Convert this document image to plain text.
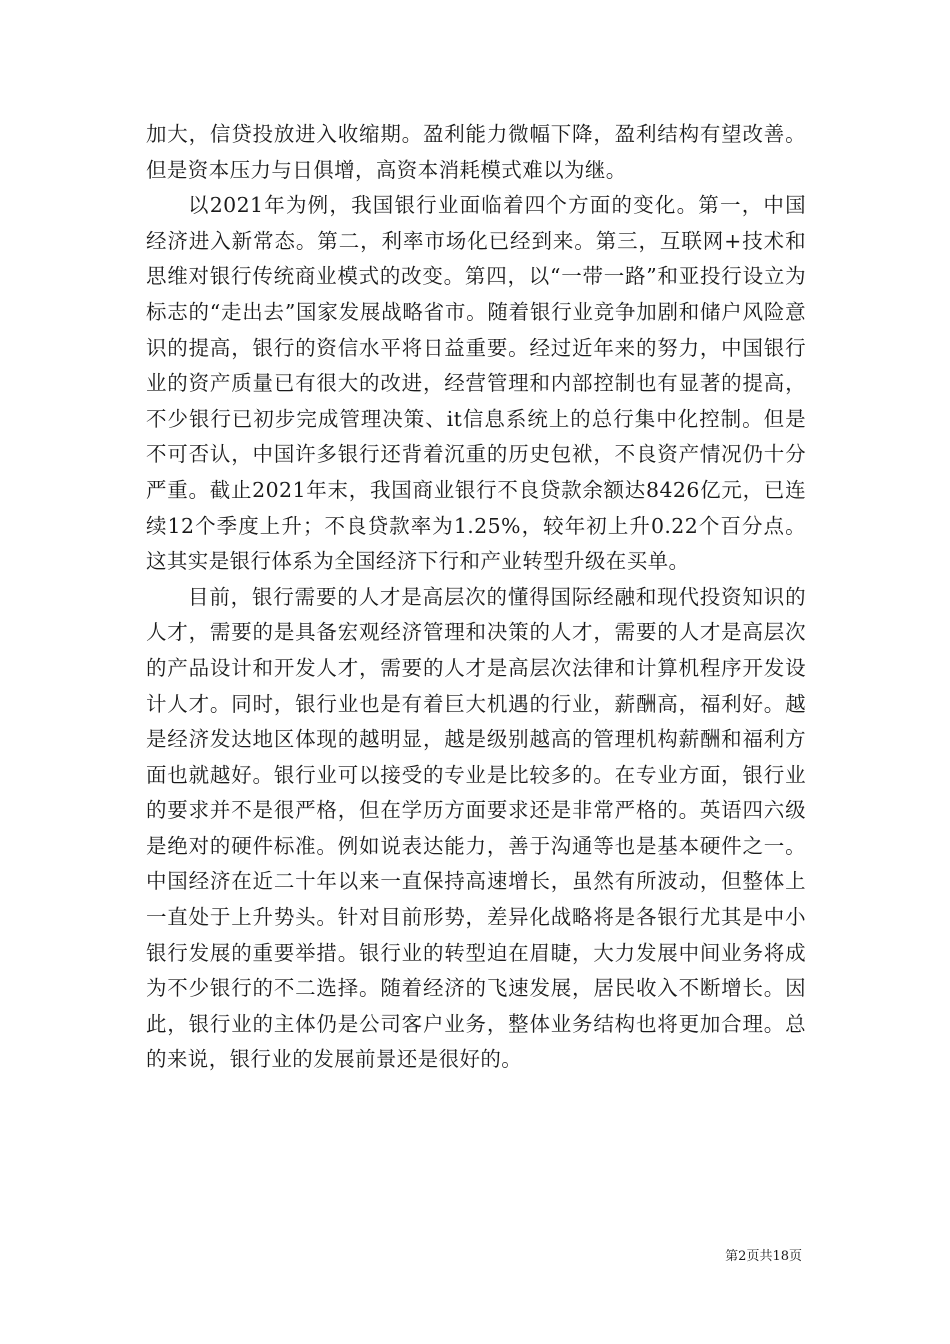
加大，信贷投放进入收缩期。盈利能力微幅下降，盈利结构有望改善。但是资本压力与日俱增，高资本消耗模式难以为继。

以2021年为例，我国银行业面临着四个方面的变化。第一，中国经济进入新常态。第二，利率市场化已经到来。第三，互联网+技术和思维对银行传统商业模式的改变。第四，以“一带一路”和亚投行设立为标志的“走出去”国家发展战略省市。随着银行业竞争加剧和储户风险意识的提高，银行的资信水平将日益重要。经过近年来的努力，中国银行业的资产质量已有很大的改进，经营管理和内部控制也有显著的提高，不少银行已初步完成管理决策、it信息系统上的总行集中化控制。但是不可否认，中国许多银行还背着沉重的历史包袱，不良资产情况仍十分严重。截止2021年末，我国商业银行不良贷款余额达8426亿元，已连续12个季度上升；不良贷款率为1.25%，较年初上升0.22个百分点。这其实是银行体系为全国经济下行和产业转型升级在买单。

目前，银行需要的人才是高层次的懂得国际经融和现代投资知识的人才，需要的是具备宏观经济管理和决策的人才，需要的人才是高层次的产品设计和开发人才，需要的人才是高层次法律和计算机程序开发设计人才。同时，银行业也是有着巨大机遇的行业，薪酬高，福利好。越是经济发达地区体现的越明显，越是级别越高的管理机构薪酬和福利方面也就越好。银行业可以接受的专业是比较多的。在专业方面，银行业的要求并不是很严格，但在学历方面要求还是非常严格的。英语四六级是绝对的硬件标准。例如说表达能力，善于沟通等也是基本硬件之一。中国经济在近二十年以来一直保持高速增长，虽然有所波动，但整体上一直处于上升势头。针对目前形势，差异化战略将是各银行尤其是中小银行发展的重要举措。银行业的转型迫在眉睫，大力发展中间业务将成为不少银行的不二选择。随着经济的飞速发展，居民收入不断增长。因此，银行业的主体仍是公司客户业务，整体业务结构也将更加合理。总的来说，银行业的发展前景还是很好的。

第2页共18页
